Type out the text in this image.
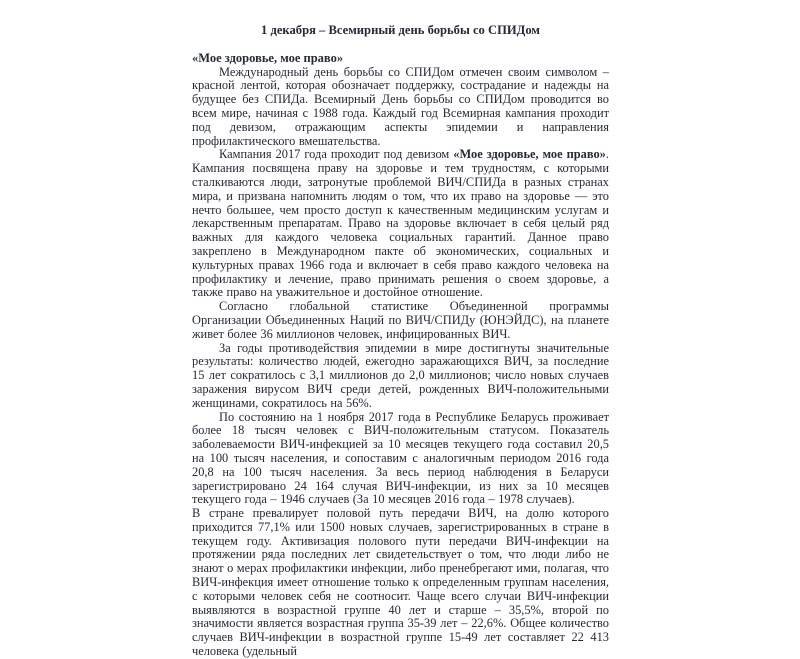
1 декабря – Всемирный день борьбы со СПИДом
«Мое здоровье, мое право»

Международный день борьбы со СПИДом отмечен своим символом – красной лентой, которая обозначает поддержку, сострадание и надежды на будущее без СПИДа. Всемирный День борьбы со СПИДом проводится во всем мире, начиная с 1988 года. Каждый год Всемирная кампания проходит под девизом, отражающим аспекты эпидемии и направления профилактического вмешательства.

Кампания 2017 года проходит под девизом «Мое здоровье, мое право». Кампания посвящена праву на здоровье и тем трудностям, с которыми сталкиваются люди, затронутые проблемой ВИЧ/СПИДа в разных странах мира, и призвана напомнить людям о том, что их право на здоровье — это нечто большее, чем просто доступ к качественным медицинским услугам и лекарственным препаратам. Право на здоровье включает в себя целый ряд важных для каждого человека социальных гарантий. Данное право закреплено в Международном пакте об экономических, социальных и культурных правах 1966 года и включает в себя право каждого человека на профилактику и лечение, право принимать решения о своем здоровье, а также право на уважительное и достойное отношение.

Согласно глобальной статистике Объединенной программы Организации Объединенных Наций по ВИЧ/СПИДу (ЮНЭЙДС), на планете живет более 36 миллионов человек, инфицированных ВИЧ.

За годы противодействия эпидемии в мире достигнуты значительные результаты: количество людей, ежегодно заражающихся ВИЧ, за последние 15 лет сократилось с 3,1 миллионов до 2,0 миллионов; число новых случаев заражения вирусом ВИЧ среди детей, рожденных ВИЧ-положительными женщинами, сократилось на 56%.

По состоянию на 1 ноября 2017 года в Республике Беларусь проживает более 18 тысяч человек с ВИЧ-положительным статусом. Показатель заболеваемости ВИЧ-инфекцией за 10 месяцев текущего года составил 20,5 на 100 тысяч населения, и сопоставим с аналогичным периодом 2016 года 20,8 на 100 тысяч населения. За весь период наблюдения в Беларуси зарегистрировано 24 164 случая ВИЧ-инфекции, из них за 10 месяцев текущего года – 1946 случаев (За 10 месяцев 2016 года – 1978 случаев).

В стране превалирует половой путь передачи ВИЧ, на долю которого приходится 77,1% или 1500 новых случаев, зарегистрированных в стране в текущем году. Активизация полового пути передачи ВИЧ-инфекции на протяжении ряда последних лет свидетельствует о том, что люди либо не знают о мерах профилактики инфекции, либо пренебрегают ими, полагая, что ВИЧ-инфекция имеет отношение только к определенным группам населения, с которыми человек себя не соотносит. Чаще всего случаи ВИЧ-инфекции выявляются в возрастной группе 40 лет и старше – 35,5%, второй по значимости является возрастная группа 35-39 лет – 22,6%. Общее количество случаев ВИЧ-инфекции в возрастной группе 15-49 лет составляет 22 413 человека (удельный
